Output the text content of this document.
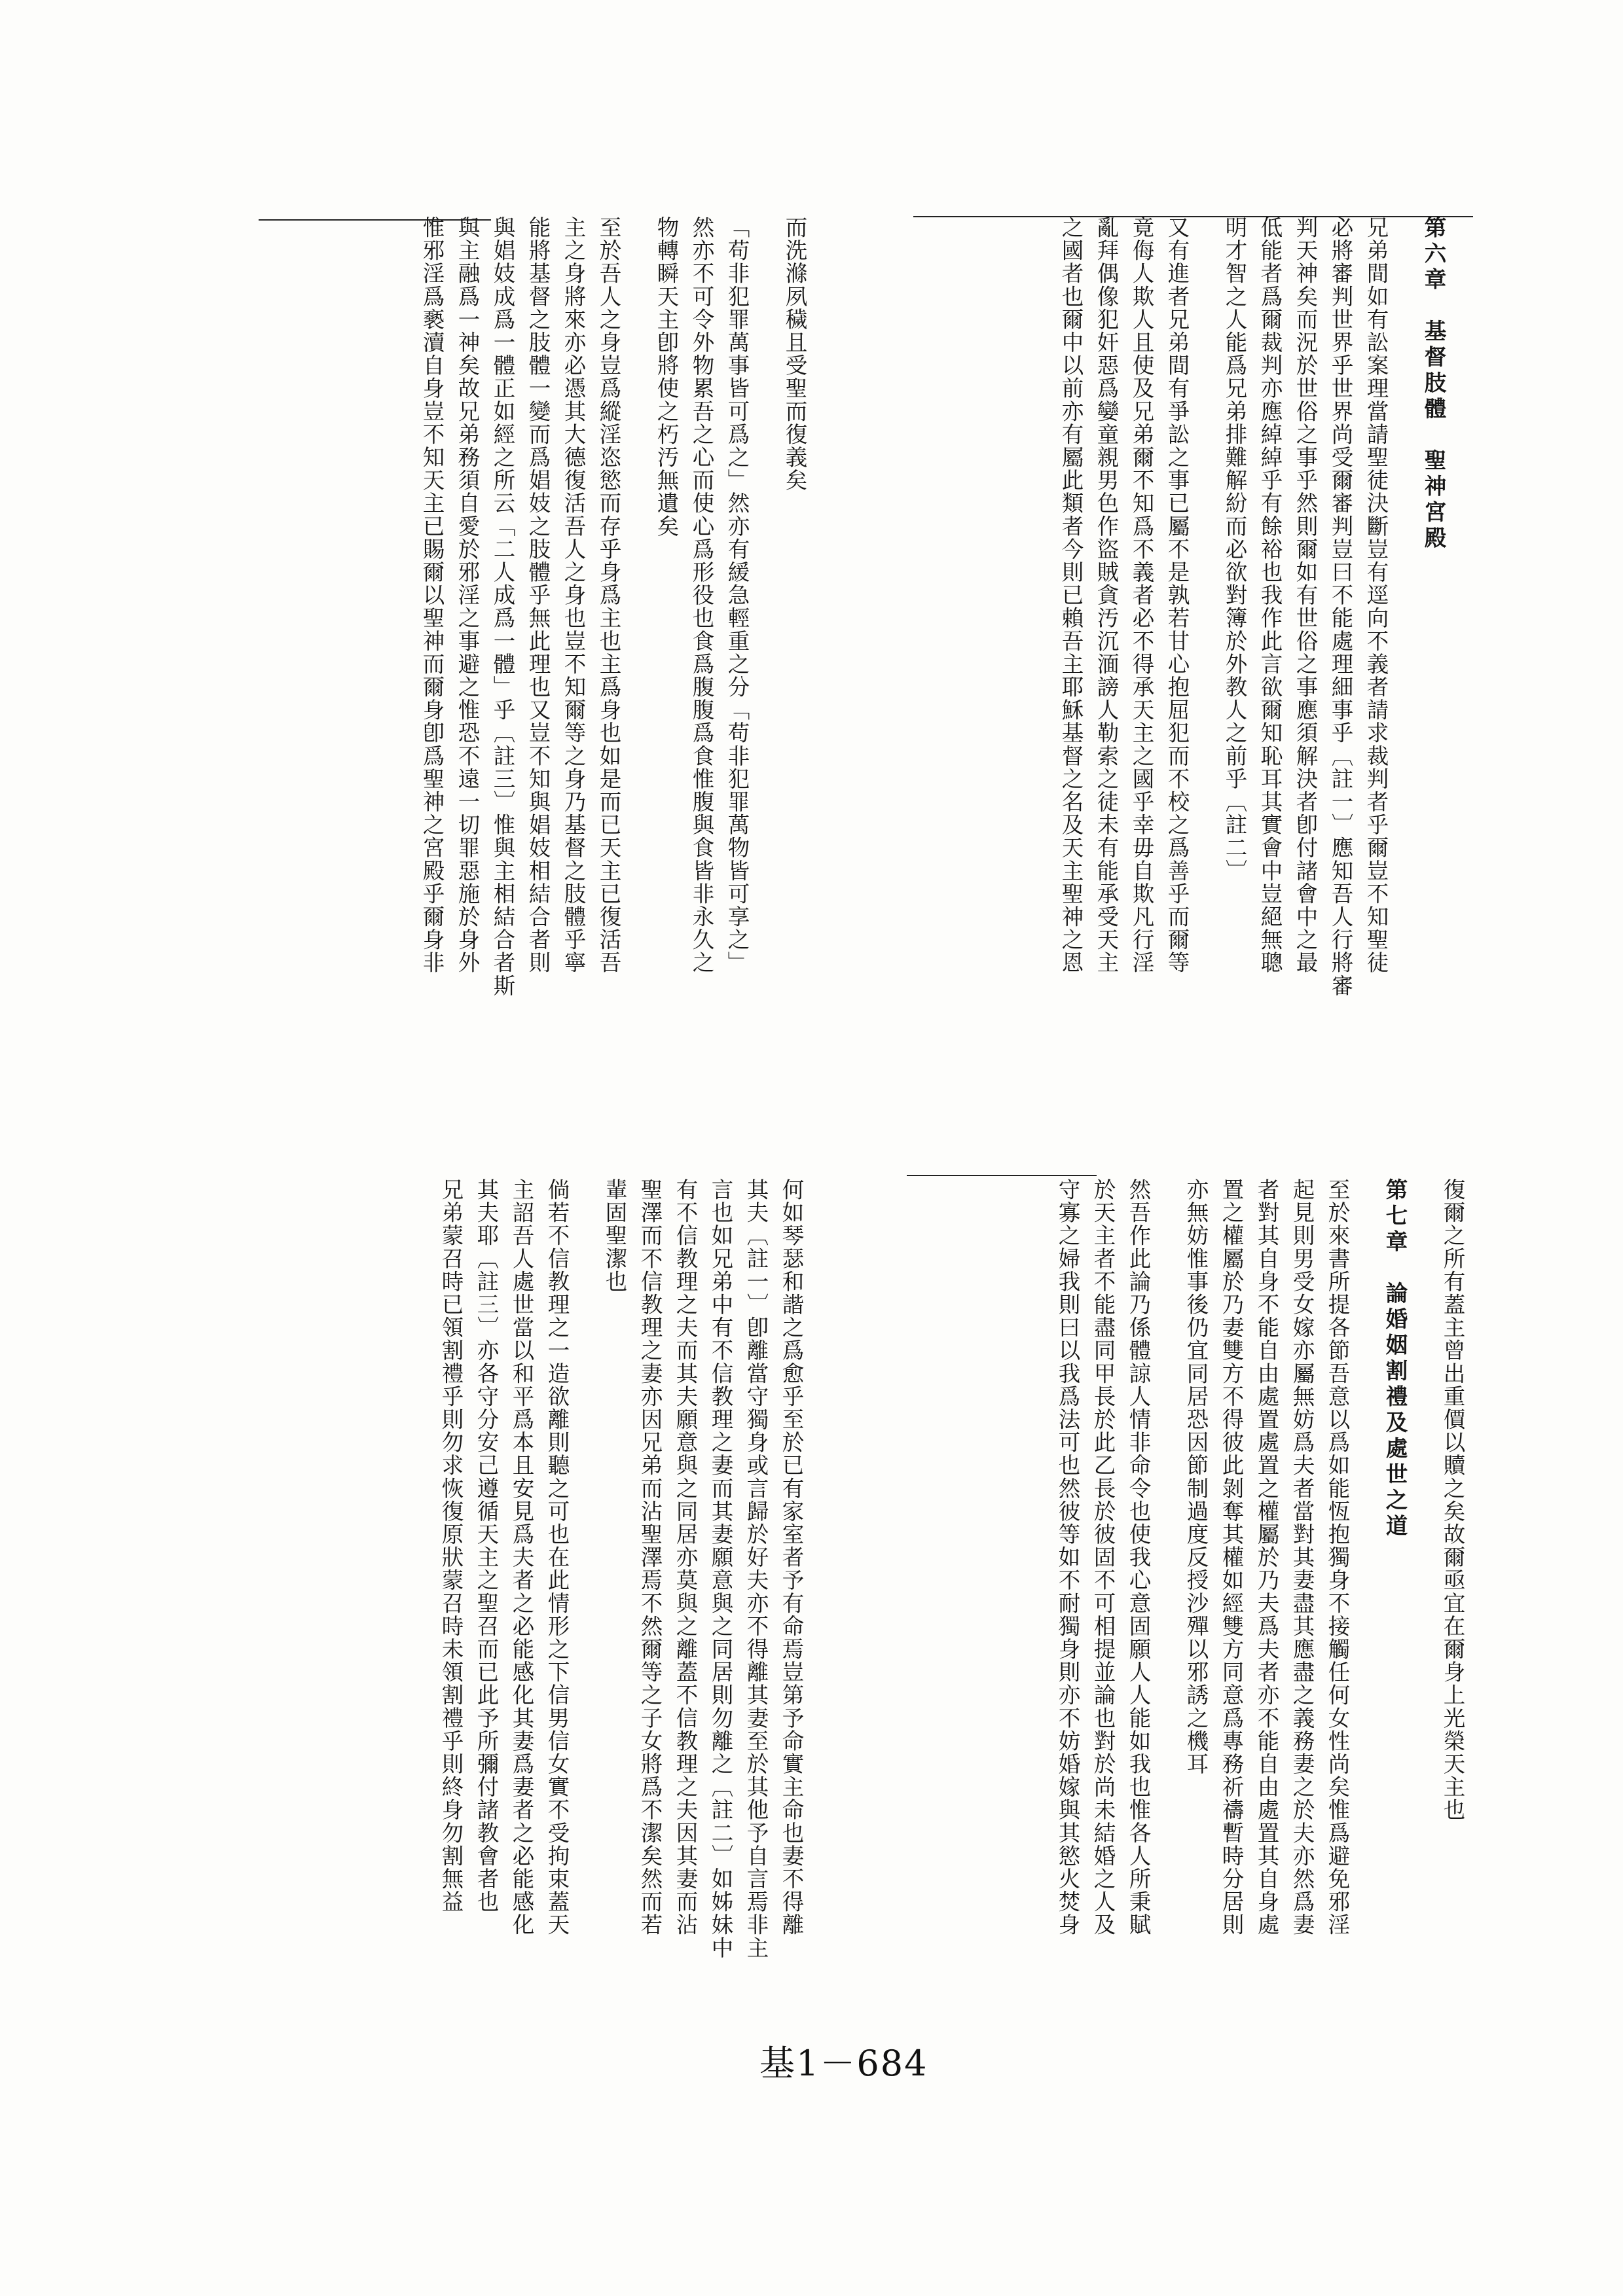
第六章　基督肢體　聖神宮殿

兄弟間如有訟案理當請聖徒決斷豈有逕向不義者請求裁判者乎爾豈不知聖徒

必將審判世界乎世界尚受爾審判豈曰不能處理細事乎〔註一〕應知吾人行將審

判天神矣而況於世俗之事乎然則爾如有世俗之事應須解決者卽付諸會中之最

低能者爲爾裁判亦應綽綽乎有餘裕也我作此言欲爾知恥耳其實會中豈絕無聰

明才智之人能爲兄弟排難解紛而必欲對簿於外教人之前乎〔註二〕

又有進者兄弟間有爭訟之事已屬不是孰若甘心抱屈犯而不校之爲善乎而爾等

竟侮人欺人且使及兄弟爾不知爲不義者必不得承天主之國乎幸毋自欺凡行淫

亂拜偶像犯奸惡爲孌童親男色作盜賊貪汚沉湎謗人勒索之徒未有能承受天主

之國者也爾中以前亦有屬此類者今則已賴吾主耶穌基督之名及天主聖神之恩

而洗滌夙穢且受聖而復義矣

「苟非犯罪萬事皆可爲之」然亦有緩急輕重之分「苟非犯罪萬物皆可享之」

然亦不可令外物累吾之心而使心爲形役也食爲腹腹爲食惟腹與食皆非永久之

物轉瞬天主卽將使之朽汚無遺矣

至於吾人之身豈爲縱淫恣慾而存乎身爲主也主爲身也如是而已天主已復活吾

主之身將來亦必憑其大德復活吾人之身也豈不知爾等之身乃基督之肢體乎寧

能將基督之肢體一變而爲娼妓之肢體乎無此理也又豈不知與娼妓相結合者則

與娼妓成爲一體正如經之所云「二人成爲一體」乎〔註三〕惟與主相結合者斯

與主融爲一神矣故兄弟務須自愛於邪淫之事避之惟恐不遠一切罪惡施於身外

惟邪淫爲褻瀆自身豈不知天主已賜爾以聖神而爾身卽爲聖神之宮殿乎爾身非

復爾之所有蓋主曾出重價以贖之矣故爾亟宜在爾身上光榮天主也

第七章　論婚姻割禮及處世之道

至於來書所提各節吾意以爲如能恆抱獨身不接觸任何女性尚矣惟爲避免邪淫

起見則男受女嫁亦屬無妨爲夫者當對其妻盡其應盡之義務妻之於夫亦然爲妻

者對其自身不能自由處置處置之權屬於乃夫爲夫者亦不能自由處置其自身處

置之權屬於乃妻雙方不得彼此剝奪其權如經雙方同意爲專務祈禱暫時分居則

亦無妨惟事後仍宜同居恐因節制過度反授沙殫以邪誘之機耳

然吾作此論乃係體諒人情非命令也使我心意固願人人能如我也惟各人所秉賦

於天主者不能盡同甲長於此乙長於彼固不可相提並論也對於尚未結婚之人及

守寡之婦我則曰以我爲法可也然彼等如不耐獨身則亦不妨婚嫁與其慾火焚身

何如琴瑟和諧之爲愈乎至於已有家室者予有命焉豈第予命實主命也妻不得離

其夫〔註一〕卽離當守獨身或言歸於好夫亦不得離其妻至於其他予自言焉非主

言也如兄弟中有不信教理之妻而其妻願意與之同居則勿離之〔註二〕如姊妹中

有不信教理之夫而其夫願意與之同居亦莫與之離蓋不信教理之夫因其妻而沾

聖澤而不信教理之妻亦因兄弟而沾聖澤焉不然爾等之子女將爲不潔矣然而若

輩固聖潔也

倘若不信教理之一造欲離則聽之可也在此情形之下信男信女實不受拘束蓋天

主詔吾人處世當以和平爲本且安見爲夫者之必能感化其妻爲妻者之必能感化

其夫耶〔註三〕亦各守分安己遵循天主之聖召而已此予所彌付諸教會者也

兄弟蒙召時已領割禮乎則勿求恢復原狀蒙召時未領割禮乎則終身勿割無益

基1－684
